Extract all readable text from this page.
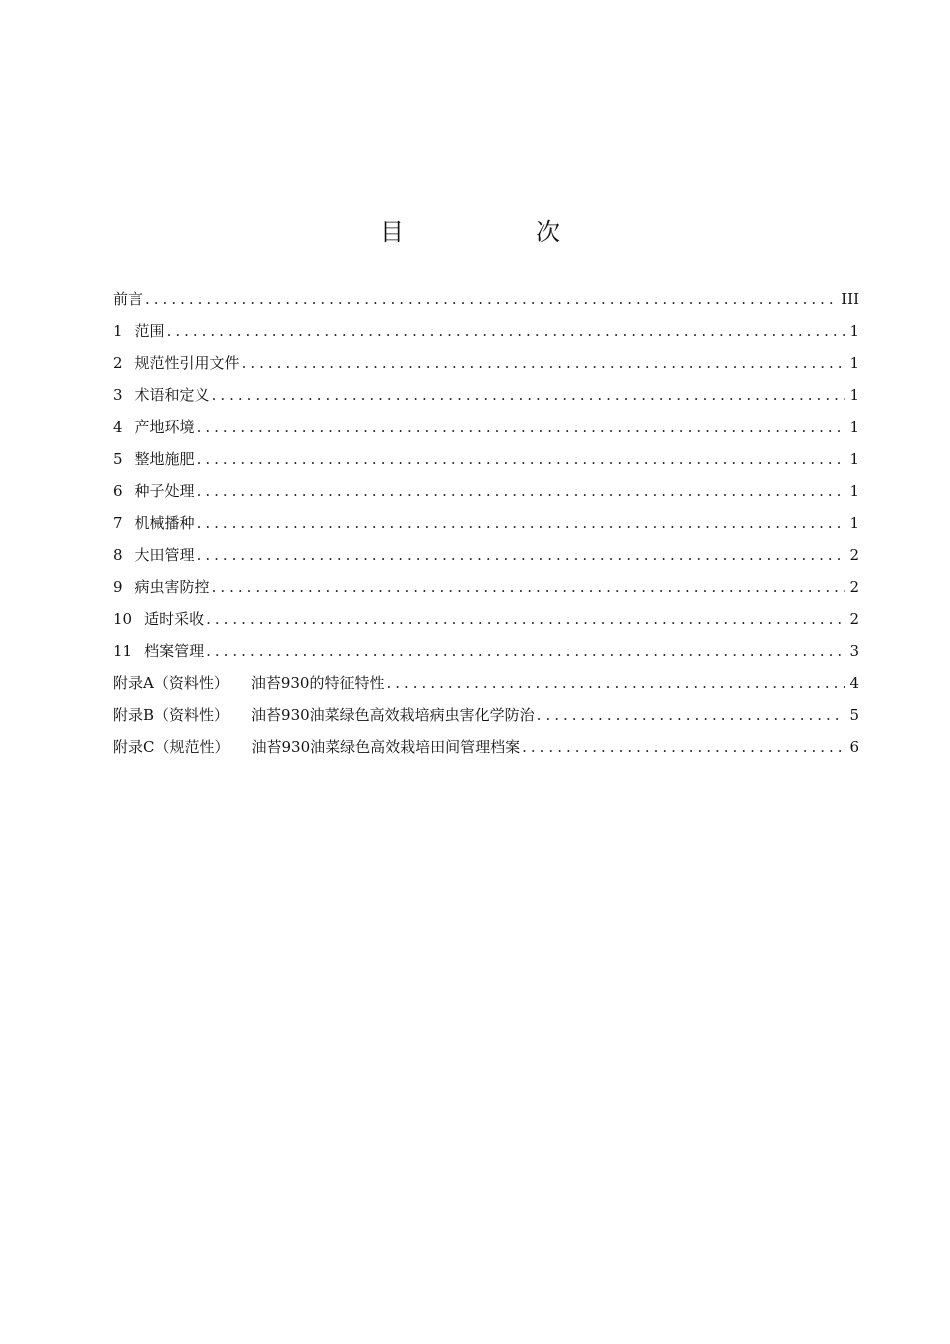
目　次
前言 .....	III
1 范围 .....	1
2 规范性引用文件 .....	1
3 术语和定义 .....	1
4 产地环境 .....	1
5 整地施肥 .....	1
6 种子处理 .....	1
7 机械播种 .....	1
8 大田管理 .....	2
9 病虫害防控 .....	2
10 适时采收 .....	2
11 档案管理 .....	3
附录A（资料性） 油苔930的特征特性 .....	4
附录B（资料性） 油苔930油菜绿色高效栽培病虫害化学防治 .....	5
附录C（规范性） 油苔930油菜绿色高效栽培田间管理档案 .....	6
